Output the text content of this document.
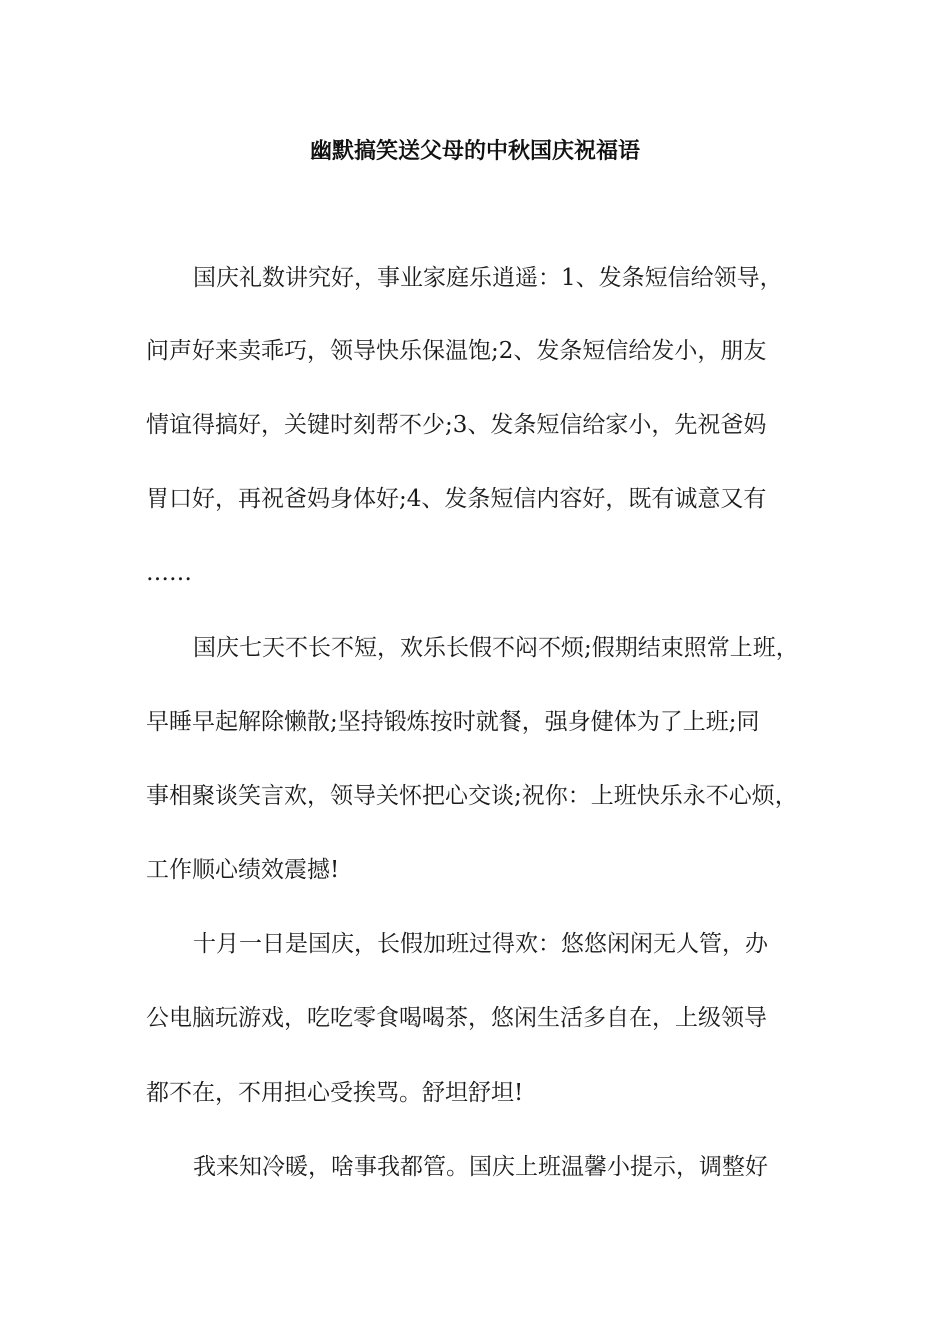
幽默搞笑送父母的中秋国庆祝福语

国庆礼数讲究好，事业家庭乐逍遥：1、发条短信给领导，

问声好来卖乖巧，领导快乐保温饱;2、发条短信给发小，朋友

情谊得搞好，关键时刻帮不少;3、发条短信给家小，先祝爸妈

胃口好，再祝爸妈身体好;4、发条短信内容好，既有诚意又有

……

国庆七天不长不短，欢乐长假不闷不烦;假期结束照常上班，

早睡早起解除懒散;坚持锻炼按时就餐，强身健体为了上班;同

事相聚谈笑言欢，领导关怀把心交谈;祝你：上班快乐永不心烦，

工作顺心绩效震撼!

十月一日是国庆，长假加班过得欢：悠悠闲闲无人管，办

公电脑玩游戏，吃吃零食喝喝茶，悠闲生活多自在，上级领导

都不在，不用担心受挨骂。舒坦舒坦!

我来知冷暖，啥事我都管。国庆上班温馨小提示，调整好
